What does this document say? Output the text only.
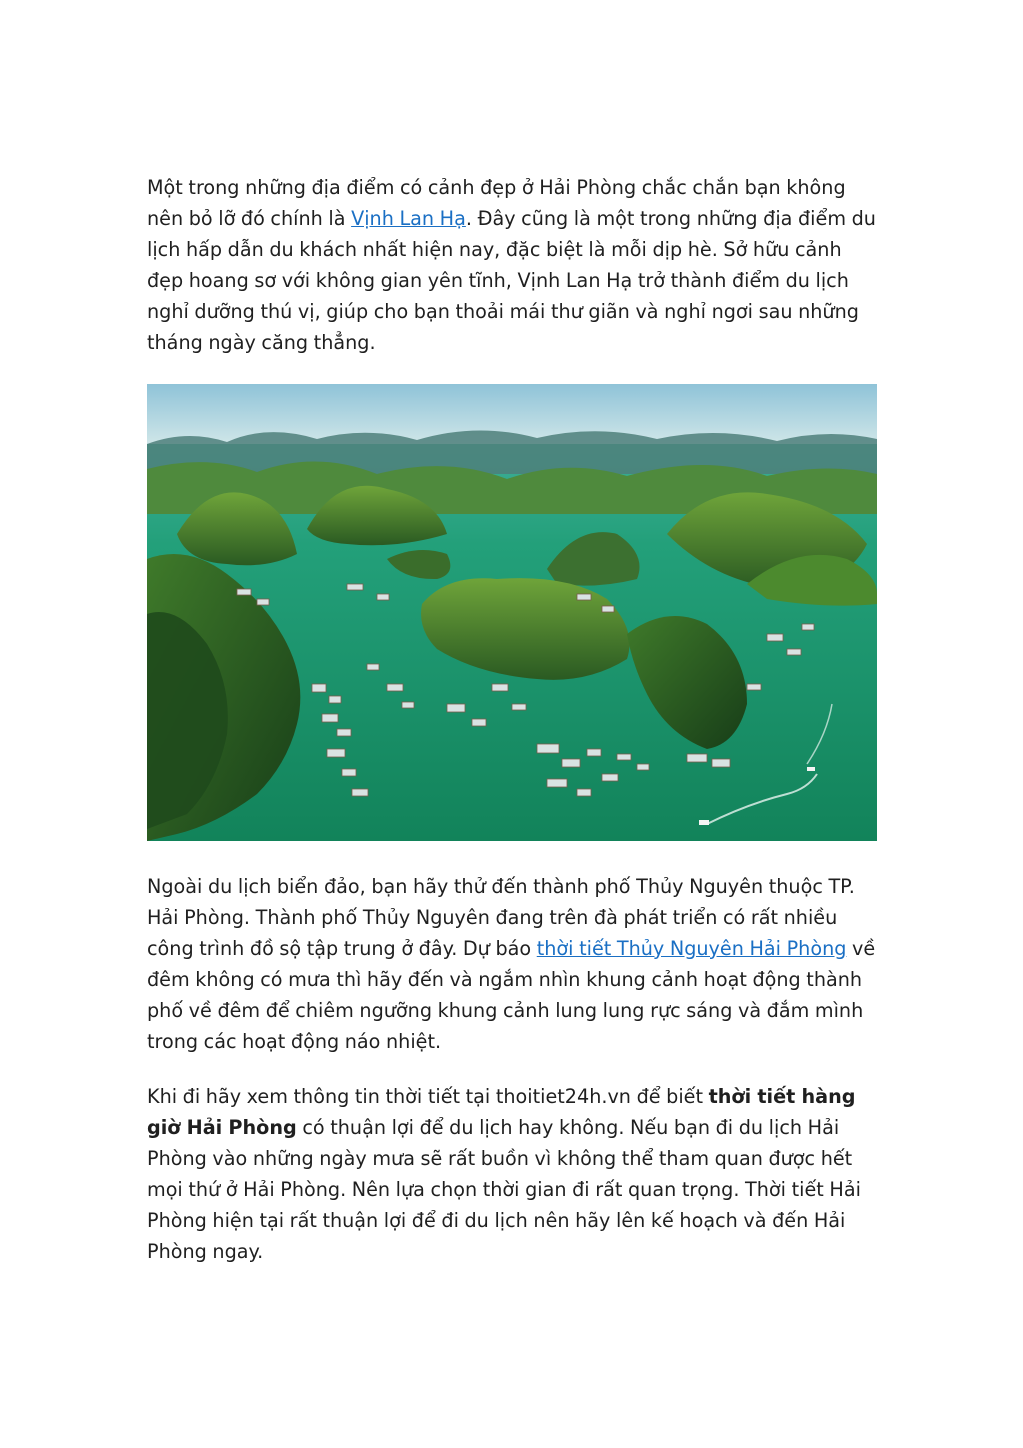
Một trong những địa điểm có cảnh đẹp ở Hải Phòng chắc chắn bạn không nên bỏ lỡ đó chính là Vịnh Lan Hạ. Đây cũng là một trong những địa điểm du lịch hấp dẫn du khách nhất hiện nay, đặc biệt là mỗi dịp hè. Sở hữu cảnh đẹp hoang sơ với không gian yên tĩnh, Vịnh Lan Hạ trở thành điểm du lịch nghỉ dưỡng thú vị, giúp cho bạn thoải mái thư giãn và nghỉ ngơi sau những tháng ngày căng thẳng.

Ngoài du lịch biển đảo, bạn hãy thử đến thành phố Thủy Nguyên thuộc TP. Hải Phòng. Thành phố Thủy Nguyên đang trên đà phát triển có rất nhiều công trình đồ sộ tập trung ở đây. Dự báo thời tiết Thủy Nguyên Hải Phòng về đêm không có mưa thì hãy đến và ngắm nhìn khung cảnh hoạt động thành phố về đêm để chiêm ngưỡng khung cảnh lung lung rực sáng và đắm mình trong các hoạt động náo nhiệt.

Khi đi hãy xem thông tin thời tiết tại thoitiet24h.vn để biết thời tiết hàng giờ Hải Phòng có thuận lợi để du lịch hay không. Nếu bạn đi du lịch Hải Phòng vào những ngày mưa sẽ rất buồn vì không thể tham quan được hết mọi thứ ở Hải Phòng. Nên lựa chọn thời gian đi rất quan trọng. Thời tiết Hải Phòng hiện tại rất thuận lợi để đi du lịch nên hãy lên kế hoạch và đến Hải Phòng ngay.
